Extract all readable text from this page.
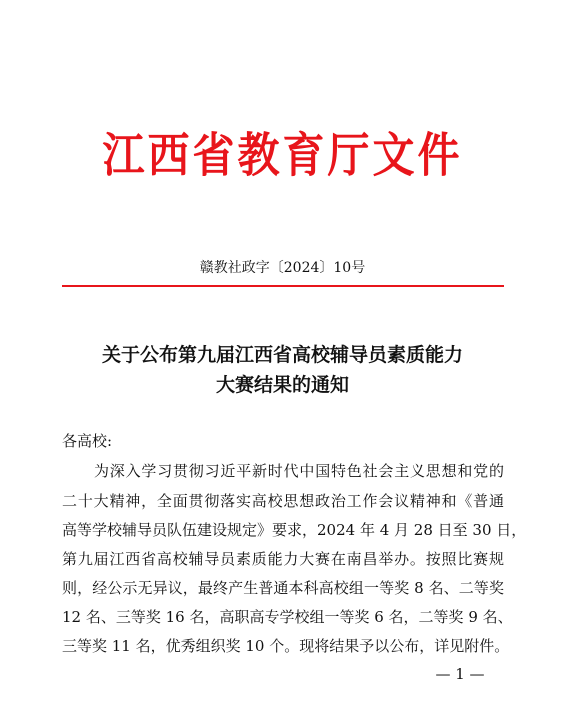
江西省教育厅文件
赣教社政字〔2024〕10号
关于公布第九届江西省高校辅导员素质能力
大赛结果的通知
各高校:
为深入学习贯彻习近平新时代中国特色社会主义思想和党的
二十大精神，全面贯彻落实高校思想政治工作会议精神和《普通
高等学校辅导员队伍建设规定》要求，2024 年 4 月 28 日至 30 日，
第九届江西省高校辅导员素质能力大赛在南昌举办。按照比赛规
则，经公示无异议，最终产生普通本科高校组一等奖 8 名、二等奖
12 名、三等奖 16 名，高职高专学校组一等奖 6 名，二等奖 9 名、
三等奖 11 名，优秀组织奖 10 个。现将结果予以公布，详见附件。
— 1 —
